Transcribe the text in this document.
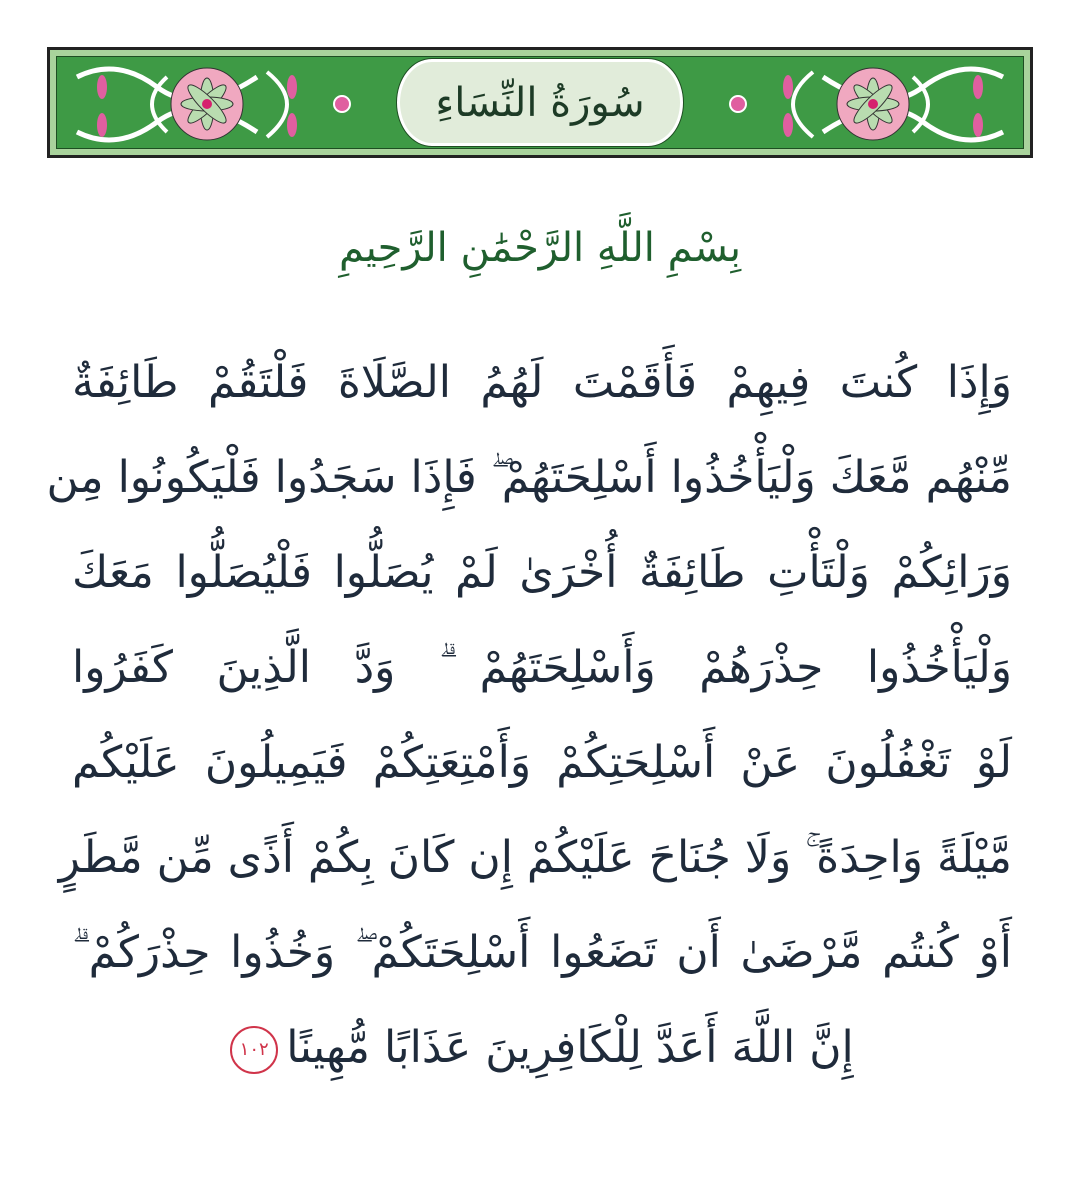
سُورَةُ النِّسَاءِ
بِسْمِ اللَّهِ الرَّحْمَٰنِ الرَّحِيمِ
وَإِذَا كُنتَ فِيهِمْ فَأَقَمْتَ لَهُمُ الصَّلَاةَ فَلْتَقُمْ طَائِفَةٌ
مِّنْهُم مَّعَكَ وَلْيَأْخُذُوا أَسْلِحَتَهُمْ ۖ فَإِذَا سَجَدُوا فَلْيَكُونُوا مِن
وَرَائِكُمْ وَلْتَأْتِ طَائِفَةٌ أُخْرَىٰ لَمْ يُصَلُّوا فَلْيُصَلُّوا مَعَكَ
وَلْيَأْخُذُوا حِذْرَهُمْ وَأَسْلِحَتَهُمْ ۗ وَدَّ الَّذِينَ كَفَرُوا
لَوْ تَغْفُلُونَ عَنْ أَسْلِحَتِكُمْ وَأَمْتِعَتِكُمْ فَيَمِيلُونَ عَلَيْكُم
مَّيْلَةً وَاحِدَةً ۚ وَلَا جُنَاحَ عَلَيْكُمْ إِن كَانَ بِكُمْ أَذًى مِّن مَّطَرٍ
أَوْ كُنتُم مَّرْضَىٰ أَن تَضَعُوا أَسْلِحَتَكُمْ ۖ وَخُذُوا حِذْرَكُمْ ۗ
إِنَّ اللَّهَ أَعَدَّ لِلْكَافِرِينَ عَذَابًا مُّهِينًا١٠٢
